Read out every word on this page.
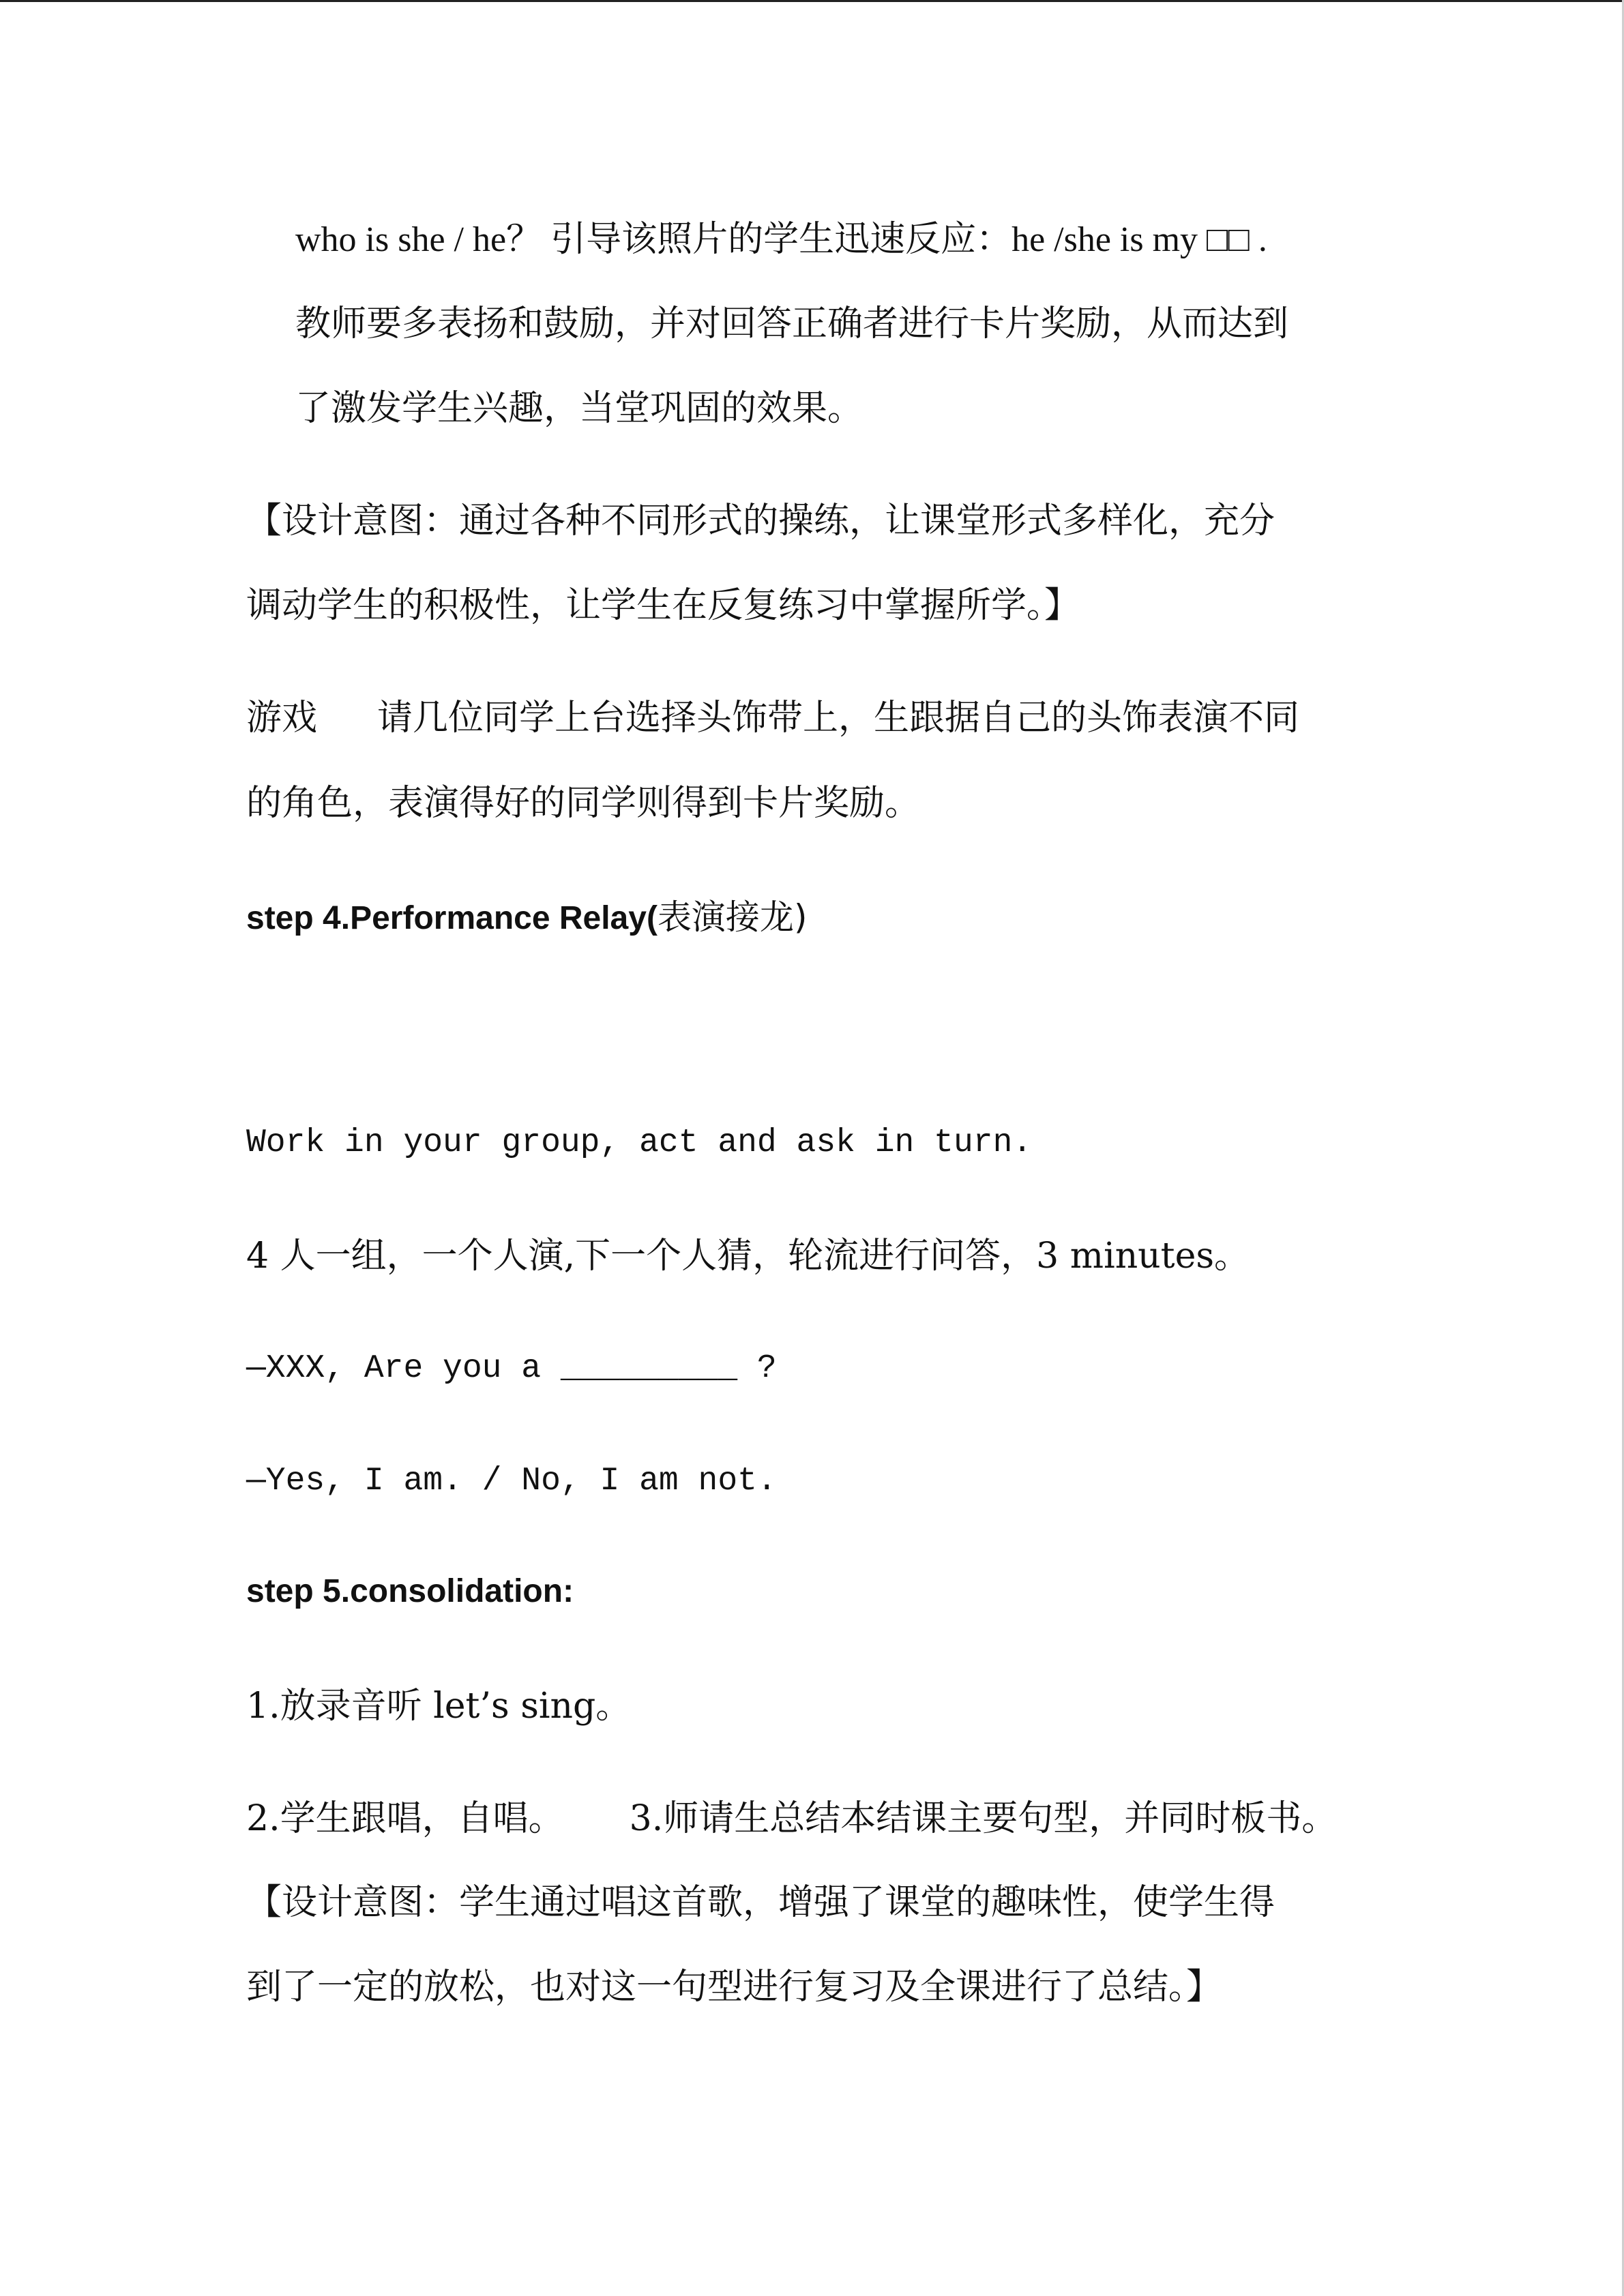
who is she / he？ 引导该照片的学生迅速反应：he /she is my □□ .
教师要多表扬和鼓励，并对回答正确者进行卡片奖励，从而达到
了激发学生兴趣，当堂巩固的效果。
【设计意图：通过各种不同形式的操练，让课堂形式多样化，充分
调动学生的积极性，让学生在反复练习中掌握所学。】
游戏 请几位同学上台选择头饰带上，生跟据自己的头饰表演不同
的角色，表演得好的同学则得到卡片奖励。
step 4.Performance Relay(表演接龙)
Work in your group, act and ask in turn.
4 人一组，一个人演,下一个人猜，轮流进行问答，3 minutes。
—XXX, Are you a _________ ?
—Yes, I am. / No, I am not.
step 5.consolidation:
1.放录音听 let’s sing。
2.学生跟唱，自唱。 3.师请生总结本结课主要句型，并同时板书。
【设计意图：学生通过唱这首歌，增强了课堂的趣味性，使学生得
到了一定的放松，也对这一句型进行复习及全课进行了总结。】
